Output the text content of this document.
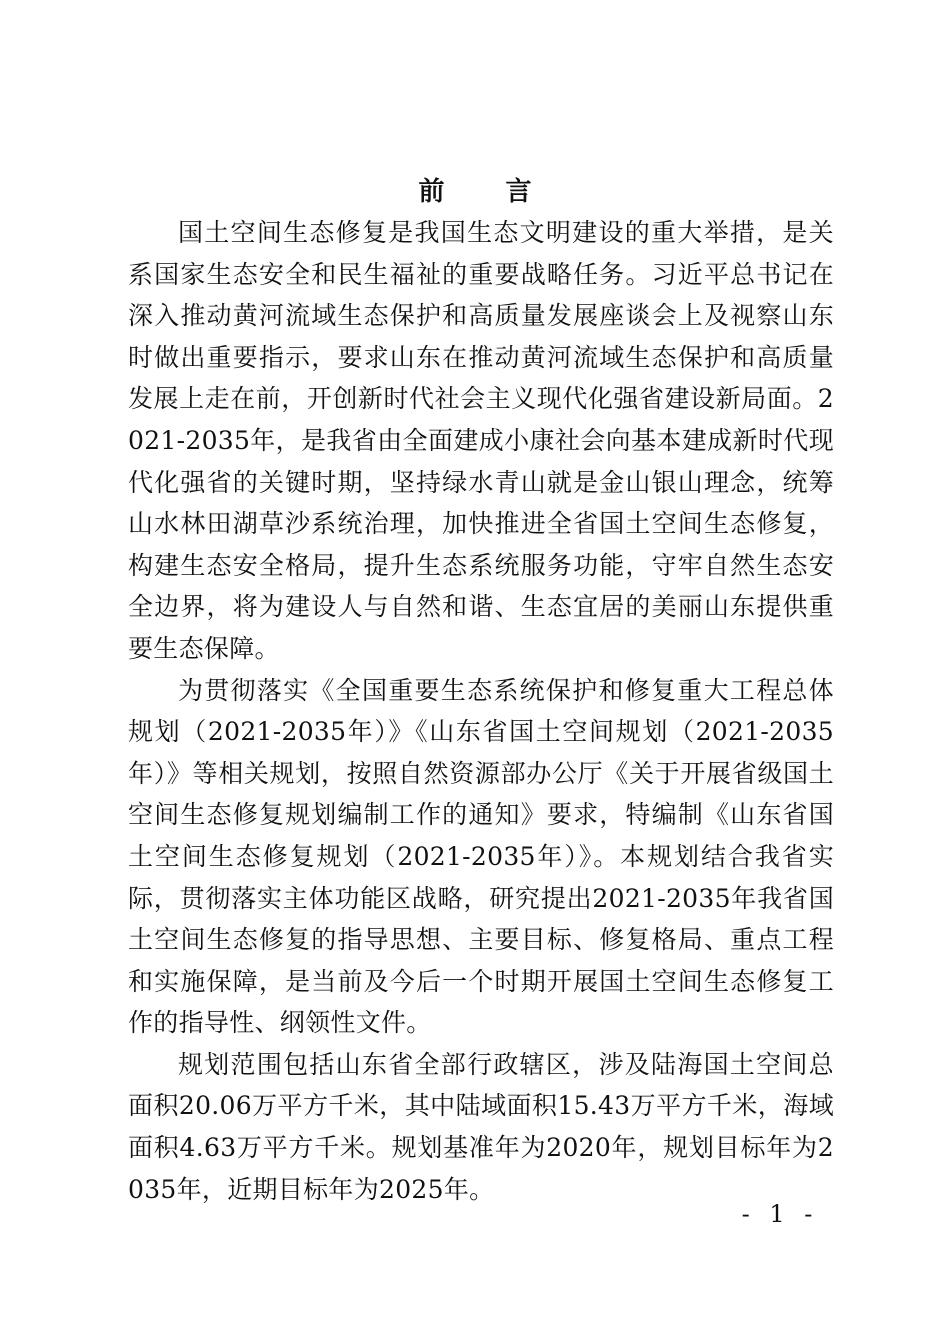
前 言

国土空间生态修复是我国生态文明建设的重大举措，是关系国家生态安全和民生福祉的重要战略任务。习近平总书记在深入推动黄河流域生态保护和高质量发展座谈会上及视察山东时做出重要指示，要求山东在推动黄河流域生态保护和高质量发展上走在前，开创新时代社会主义现代化强省建设新局面。2021-2035年，是我省由全面建成小康社会向基本建成新时代现代化强省的关键时期，坚持绿水青山就是金山银山理念，统筹山水林田湖草沙系统治理，加快推进全省国土空间生态修复，构建生态安全格局，提升生态系统服务功能，守牢自然生态安全边界，将为建设人与自然和谐、生态宜居的美丽山东提供重要生态保障。

为贯彻落实《全国重要生态系统保护和修复重大工程总体规划（2021-2035年）》《山东省国土空间规划（2021-2035年）》等相关规划，按照自然资源部办公厅《关于开展省级国土空间生态修复规划编制工作的通知》要求，特编制《山东省国土空间生态修复规划（2021-2035年）》。本规划结合我省实际，贯彻落实主体功能区战略，研究提出2021-2035年我省国土空间生态修复的指导思想、主要目标、修复格局、重点工程和实施保障，是当前及今后一个时期开展国土空间生态修复工作的指导性、纲领性文件。

规划范围包括山东省全部行政辖区，涉及陆海国土空间总面积20.06万平方千米，其中陆域面积15.43万平方千米，海域面积4.63万平方千米。规划基准年为2020年，规划目标年为2035年，近期目标年为2025年。

- 1 -
